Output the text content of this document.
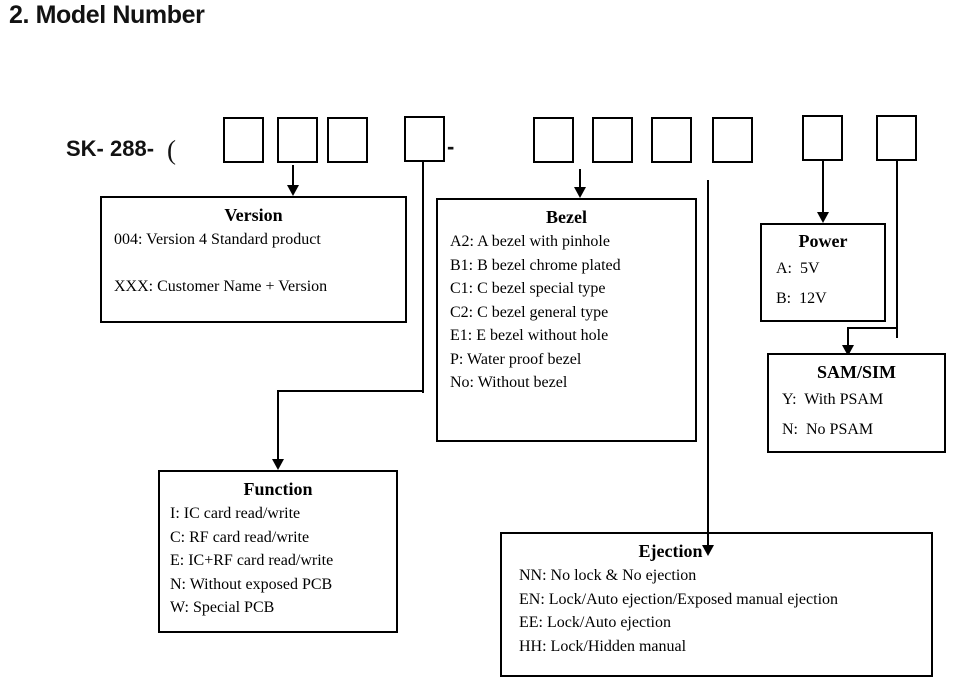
2. Model Number
SK- 288- (	-
Version
004: Version 4 Standard product
XXX: Customer Name + Version
Bezel
A2: A bezel with pinhole
B1: B bezel chrome plated
C1: C bezel special type
C2: C bezel general type
E1: E bezel without hole
P: Water proof bezel
No: Without bezel
Power
A:  5V
B:  12V
SAM/SIM
Y:  With PSAM
N:  No PSAM
Function
I: IC card read/write
C: RF card read/write
E: IC+RF card read/write
N: Without exposed PCB
W: Special PCB
Ejection
NN: No lock & No ejection
EN: Lock/Auto ejection/Exposed manual ejection
EE: Lock/Auto ejection
HH: Lock/Hidden manual
